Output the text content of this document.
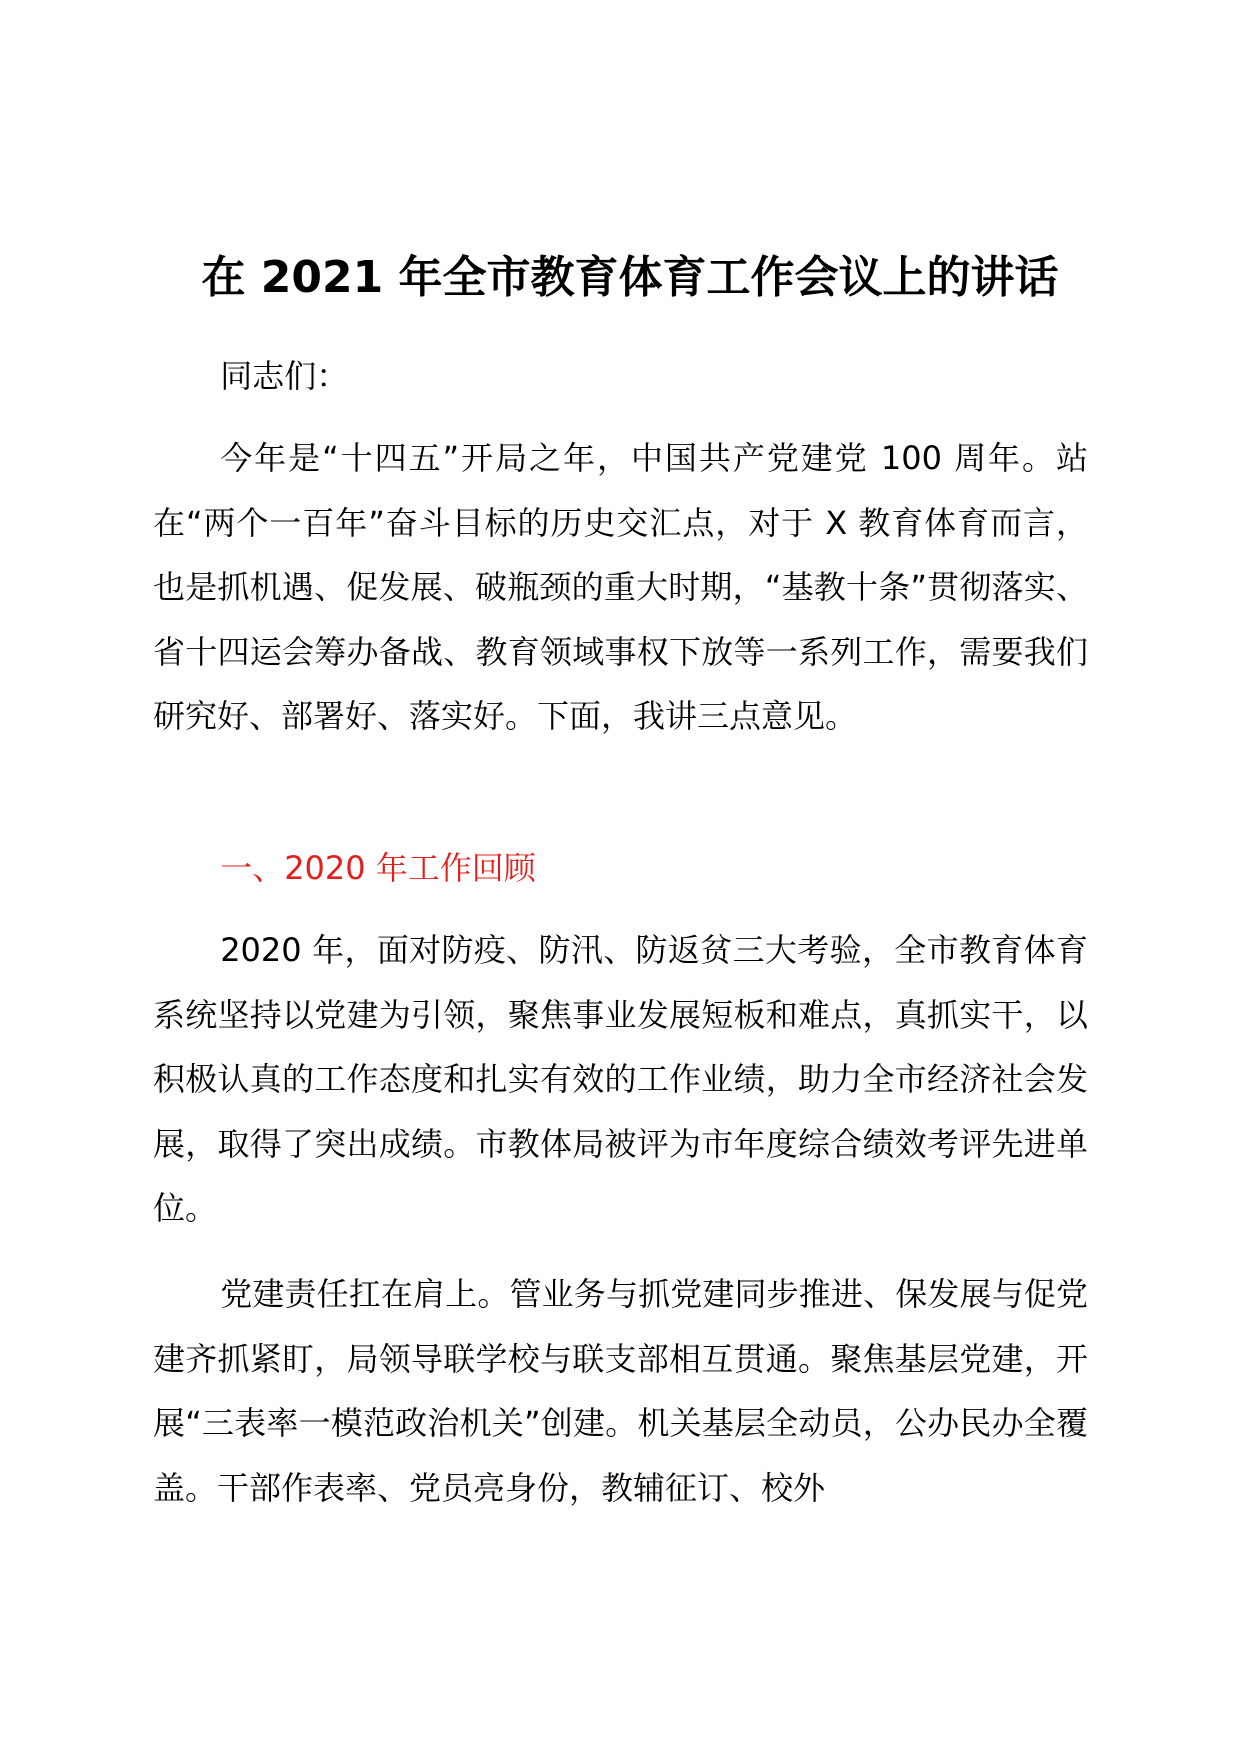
在 2021 年全市教育体育工作会议上的讲话

同志们：

今年是“十四五”开局之年，中国共产党建党 100 周年。站在“两个一百年”奋斗目标的历史交汇点，对于 X 教育体育而言，也是抓机遇、促发展、破瓶颈的重大时期，“基教十条”贯彻落实、省十四运会筹办备战、教育领域事权下放等一系列工作，需要我们研究好、部署好、落实好。下面，我讲三点意见。

一、2020 年工作回顾

2020 年，面对防疫、防汛、防返贫三大考验，全市教育体育系统坚持以党建为引领，聚焦事业发展短板和难点，真抓实干，以积极认真的工作态度和扎实有效的工作业绩，助力全市经济社会发展，取得了突出成绩。市教体局被评为市年度综合绩效考评先进单位。

党建责任扛在肩上。管业务与抓党建同步推进、保发展与促党建齐抓紧盯，局领导联学校与联支部相互贯通。聚焦基层党建，开展“三表率一模范政治机关”创建。机关基层全动员，公办民办全覆盖。干部作表率、党员亮身份，教辅征订、校外
